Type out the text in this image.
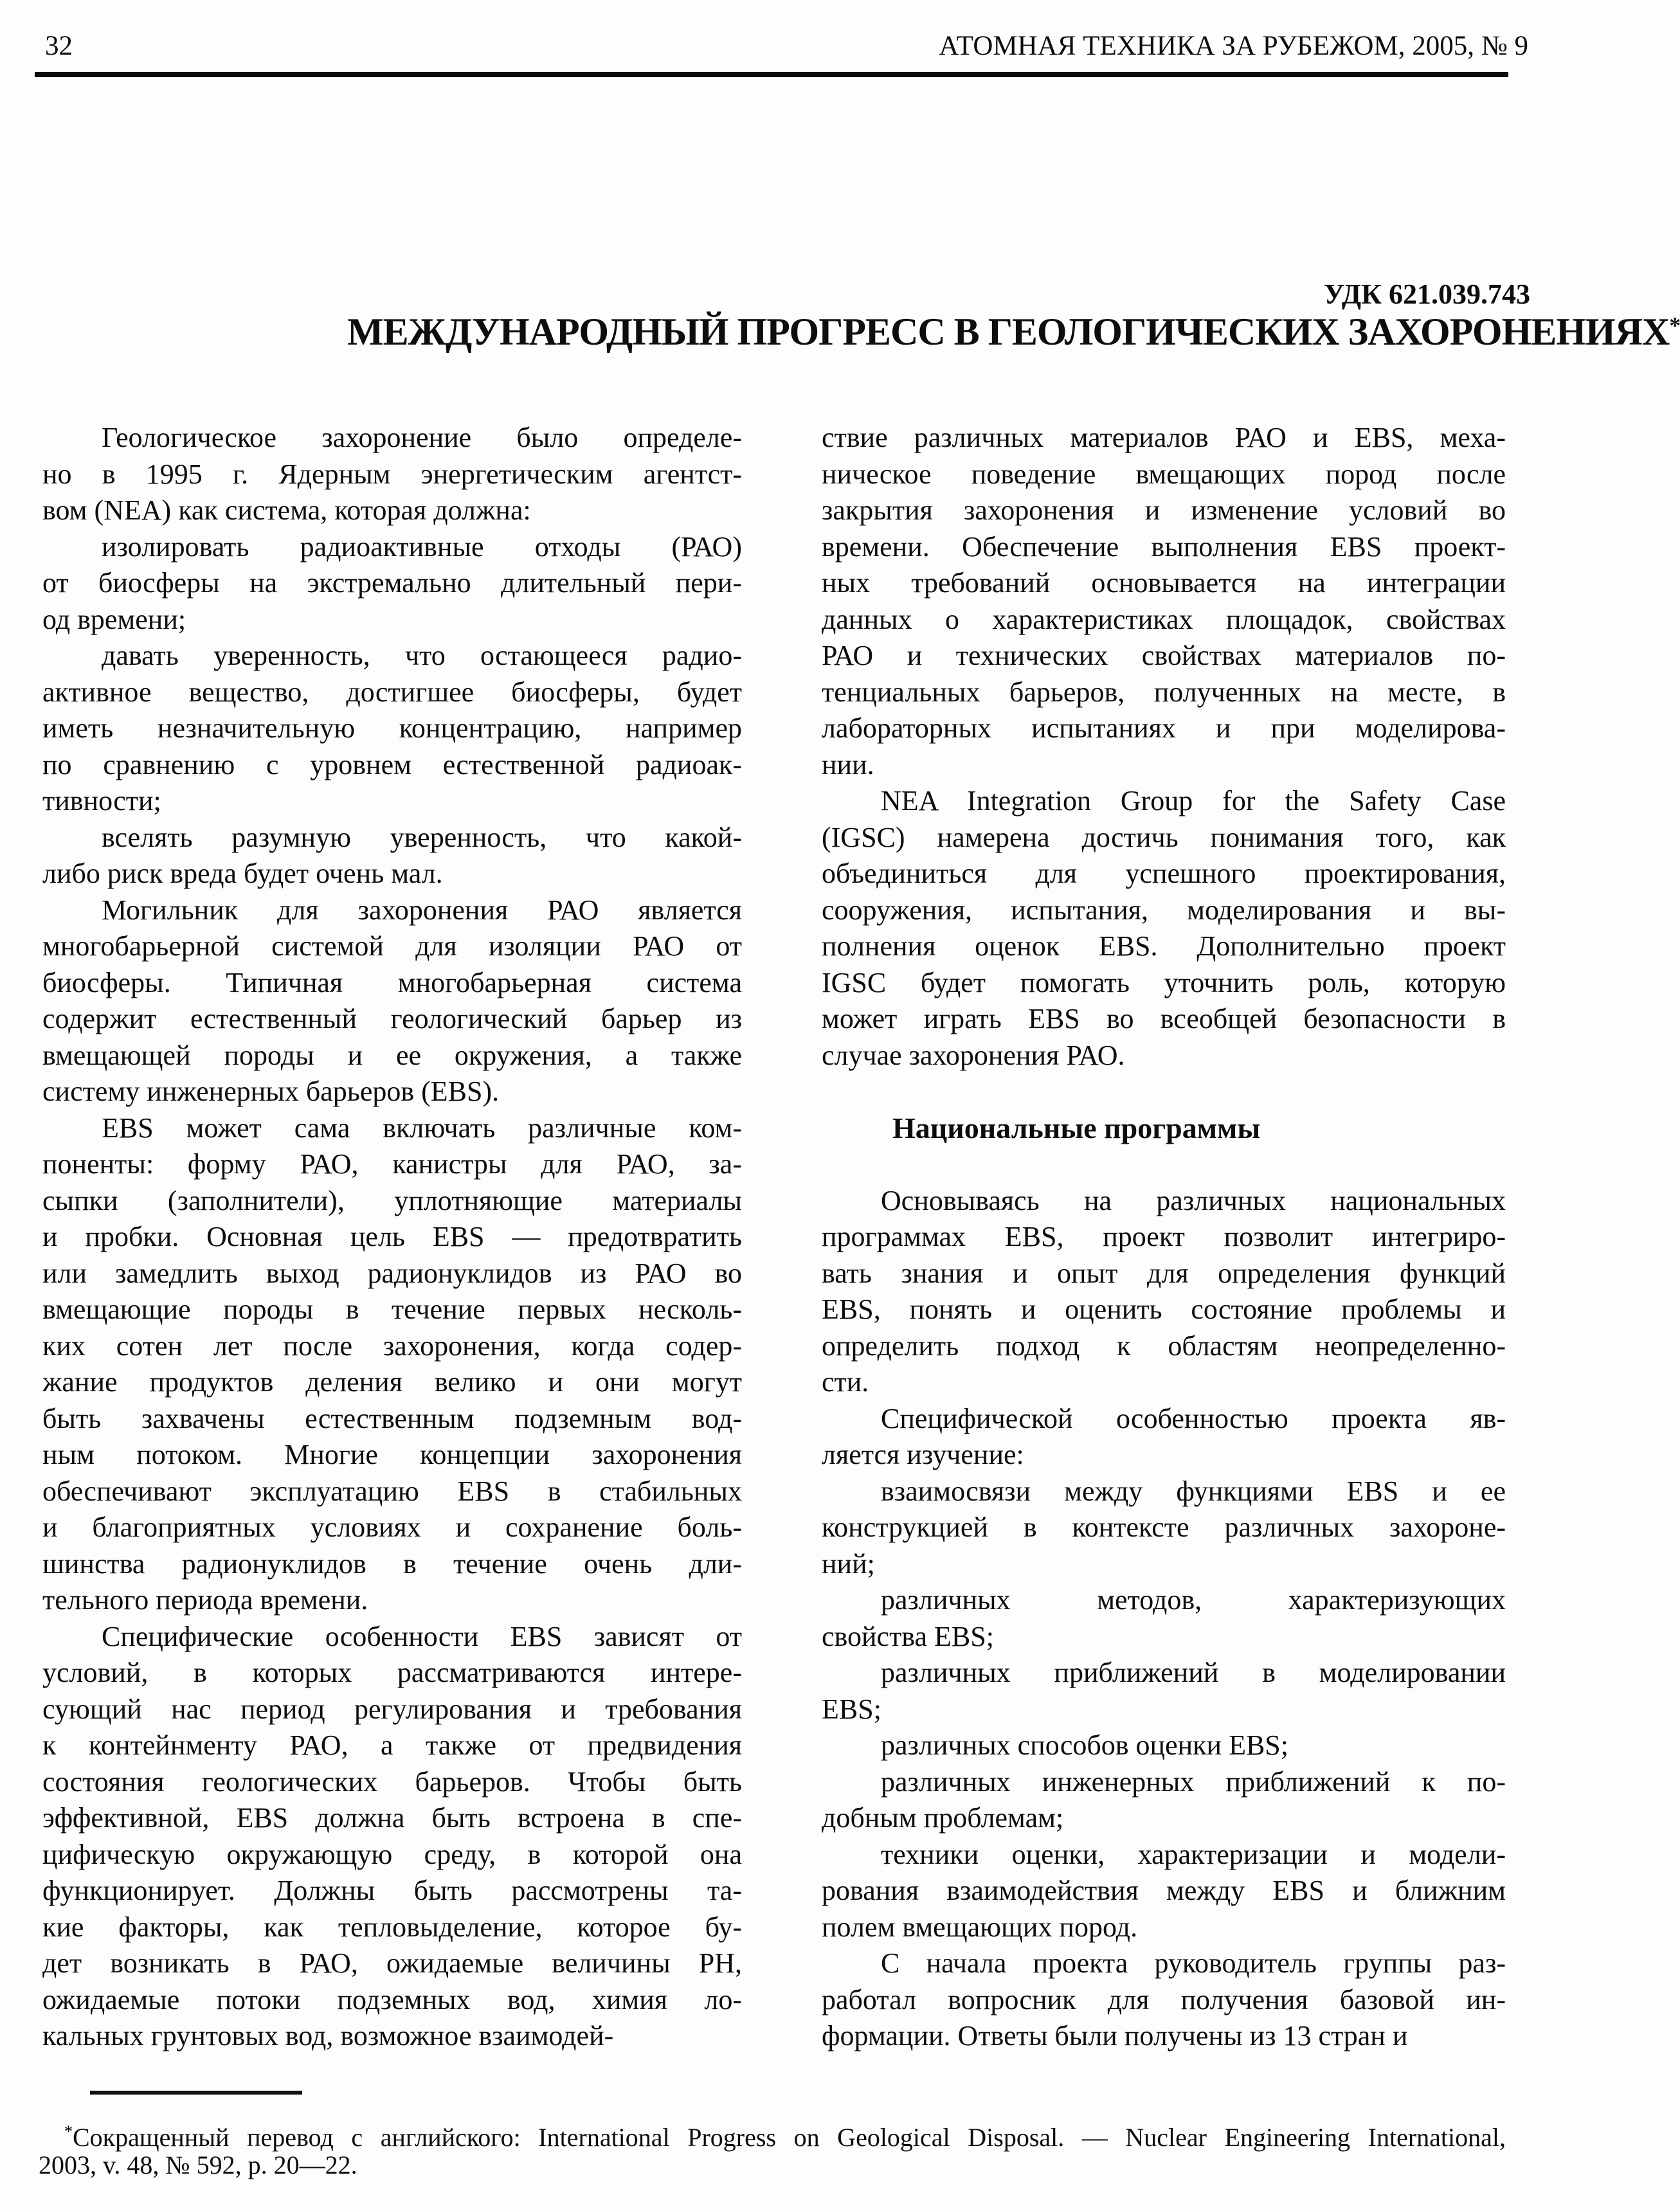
32	АТОМНАЯ ТЕХНИКА ЗА РУБЕЖОМ, 2005, № 9
УДК 621.039.743
МЕЖДУНАРОДНЫЙ ПРОГРЕСС В ГЕОЛОГИЧЕСКИХ ЗАХОРОНЕНИЯХ*
Геологическое захоронение было определе-
но в 1995 г. Ядерным энергетическим агентст-
вом (NEA) как система, которая должна:
изолировать радиоактивные отходы (РАО)
от биосферы на экстремально длительный пери-
од времени;
давать уверенность, что остающееся радио-
активное вещество, достигшее биосферы, будет
иметь незначительную концентрацию, например
по сравнению с уровнем естественной радиоак-
тивности;
вселять разумную уверенность, что какой-
либо риск вреда будет очень мал.
Могильник для захоронения РАО является
многобарьерной системой для изоляции РАО от
биосферы. Типичная многобарьерная система
содержит естественный геологический барьер из
вмещающей породы и ее окружения, а также
систему инженерных барьеров (EBS).
EBS может сама включать различные ком-
поненты: форму РАО, канистры для РАО, за-
сыпки (заполнители), уплотняющие материалы
и пробки. Основная цель EBS — предотвратить
или замедлить выход радионуклидов из РАО во
вмещающие породы в течение первых несколь-
ких сотен лет после захоронения, когда содер-
жание продуктов деления велико и они могут
быть захвачены естественным подземным вод-
ным потоком. Многие концепции захоронения
обеспечивают эксплуатацию EBS в стабильных
и благоприятных условиях и сохранение боль-
шинства радионуклидов в течение очень дли-
тельного периода времени.
Специфические особенности EBS зависят от
условий, в которых рассматриваются интере-
сующий нас период регулирования и требования
к контейнменту РАО, а также от предвидения
состояния геологических барьеров. Чтобы быть
эффективной, EBS должна быть встроена в спе-
цифическую окружающую среду, в которой она
функционирует. Должны быть рассмотрены та-
кие факторы, как тепловыделение, которое бу-
дет возникать в РАО, ожидаемые величины PH,
ожидаемые потоки подземных вод, химия ло-
кальных грунтовых вод, возможное взаимодей-
ствие различных материалов РАО и EBS, меха-
ническое поведение вмещающих пород после
закрытия захоронения и изменение условий во
времени. Обеспечение выполнения EBS проект-
ных требований основывается на интеграции
данных о характеристиках площадок, свойствах
РАО и технических свойствах материалов по-
тенциальных барьеров, полученных на месте, в
лабораторных испытаниях и при моделирова-
нии.
NEA Integration Group for the Safety Case
(IGSC) намерена достичь понимания того, как
объединиться для успешного проектирования,
сооружения, испытания, моделирования и вы-
полнения оценок EBS. Дополнительно проект
IGSC будет помогать уточнить роль, которую
может играть EBS во всеобщей безопасности в
случае захоронения РАО.
Национальные программы
Основываясь на различных национальных
программах EBS, проект позволит интегриро-
вать знания и опыт для определения функций
EBS, понять и оценить состояние проблемы и
определить подход к областям неопределенно-
сти.
Специфической особенностью проекта яв-
ляется изучение:
взаимосвязи между функциями EBS и ее
конструкцией в контексте различных захороне-
ний;
различных методов, характеризующих
свойства EBS;
различных приближений в моделировании
EBS;
различных способов оценки EBS;
различных инженерных приближений к по-
добным проблемам;
техники оценки, характеризации и модели-
рования взаимодействия между EBS и ближним
полем вмещающих пород.
С начала проекта руководитель группы раз-
работал вопросник для получения базовой ин-
формации. Ответы были получены из 13 стран и
*Сокращенный перевод с английского: International Progress on Geological Disposal. — Nuclear Engineering International,
2003, v. 48, № 592, p. 20—22.
